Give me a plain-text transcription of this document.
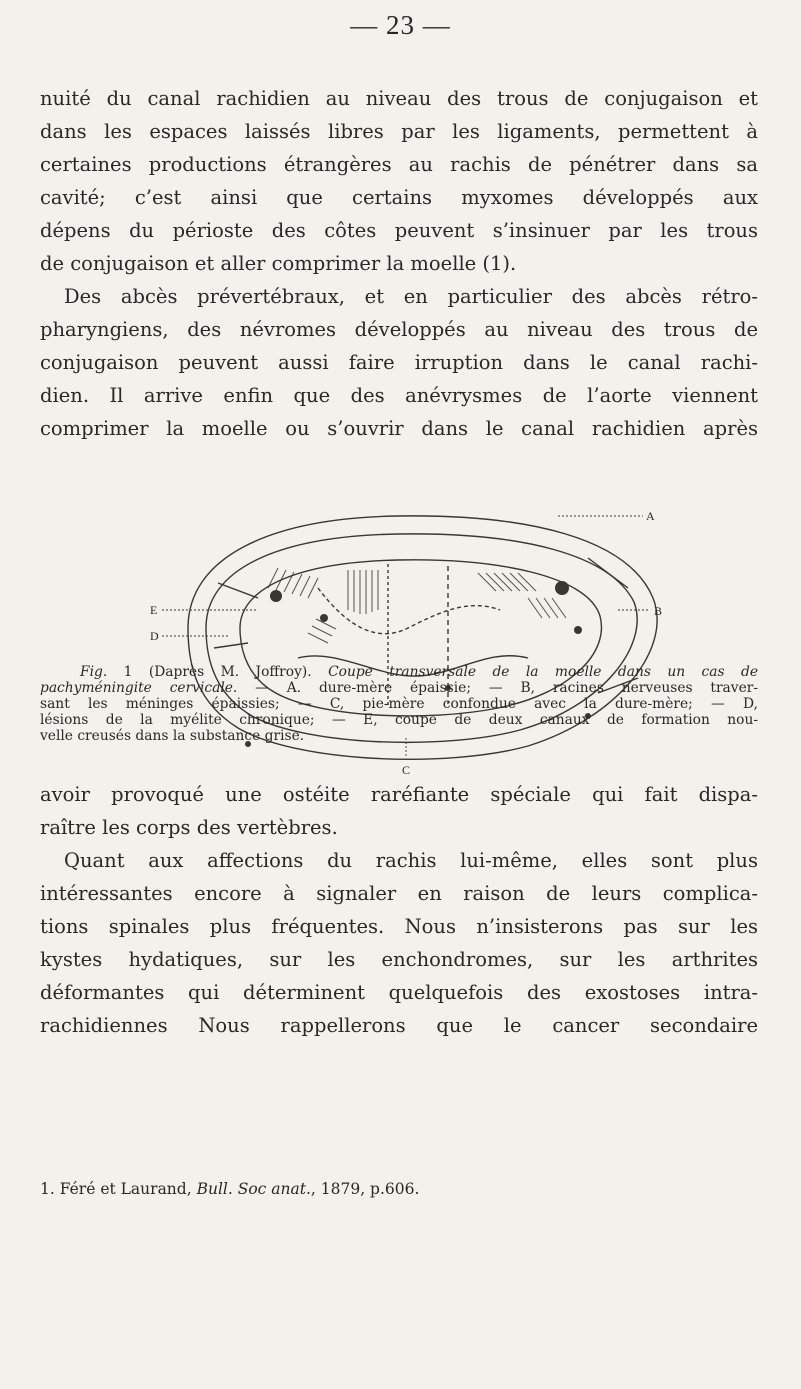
— 23 —
nuité du canal rachidien au niveau des trous de conjugaison et
dans les espaces laissés libres par les ligaments, permettent à
certaines productions étrangères au rachis de pénétrer dans sa
cavité; c’est ainsi que certains myxomes développés aux
dépens du périoste des côtes peuvent s’insinuer par les trous
de conjugaison et aller comprimer la moelle (1).
Des abcès prévertébraux, et en particulier des abcès rétro-
pharyngiens, des névromes développés au niveau des trous de
conjugaison peuvent aussi faire irruption dans le canal rachi-
dien. Il arrive enfin que des anévrysmes de l’aorte viennent
comprimer la moelle ou s’ouvrir dans le canal rachidien après
A
B
C
D
E
Fig. 1 (Daprès M. Joffroy). Coupe transversale de la moelle dans un cas de
pachyméningite cervicale. — A. dure-mère épaissie; — B, racines nerveuses traver-
sant les méninges épaissies; — C, pie-mère confondue avec la dure-mère; — D,
lésions de la myélite chronique; — E, coupe de deux canaux de formation nou-
velle creusés dans la substance grise.
avoir provoqué une ostéite raréfiante spéciale qui fait dispa-
raître les corps des vertèbres.
Quant aux affections du rachis lui-même, elles sont plus
intéressantes encore à signaler en raison de leurs complica-
tions spinales plus fréquentes. Nous n’insisterons pas sur les
kystes hydatiques, sur les enchondromes, sur les arthrites
déformantes qui déterminent quelquefois des exostoses intra-
rachidiennes Nous rappellerons que le cancer secondaire
1. Féré et Laurand, Bull. Soc anat., 1879, p.606.
